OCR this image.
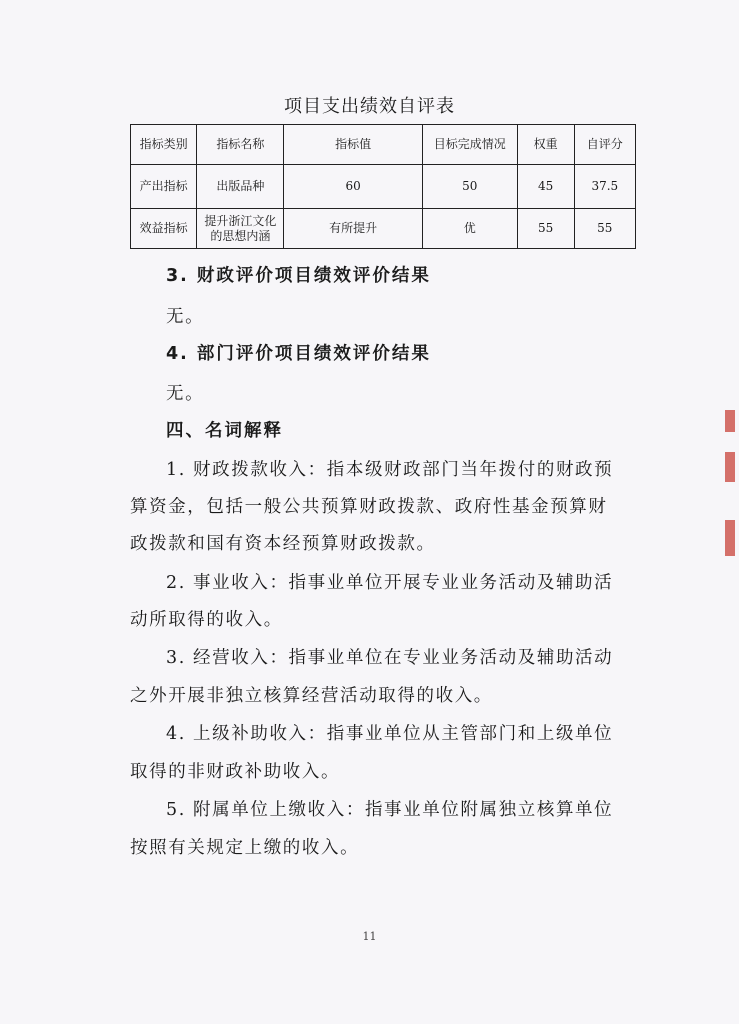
项目支出绩效自评表
指标类别	指标名称	指标值	目标完成情况	权重	自评分
产出指标	出版品种	60	50	45	37.5
效益指标	提升浙江文化的思想内涵	有所提升	优	55	55
3. 财政评价项目绩效评价结果
无。
4. 部门评价项目绩效评价结果
无。
四、名词解释
1. 财政拨款收入：指本级财政部门当年拨付的财政预
算资金，包括一般公共预算财政拨款、政府性基金预算财
政拨款和国有资本经预算财政拨款。
2. 事业收入：指事业单位开展专业业务活动及辅助活
动所取得的收入。
3. 经营收入：指事业单位在专业业务活动及辅助活动
之外开展非独立核算经营活动取得的收入。
4. 上级补助收入：指事业单位从主管部门和上级单位
取得的非财政补助收入。
5. 附属单位上缴收入：指事业单位附属独立核算单位
按照有关规定上缴的收入。
11
